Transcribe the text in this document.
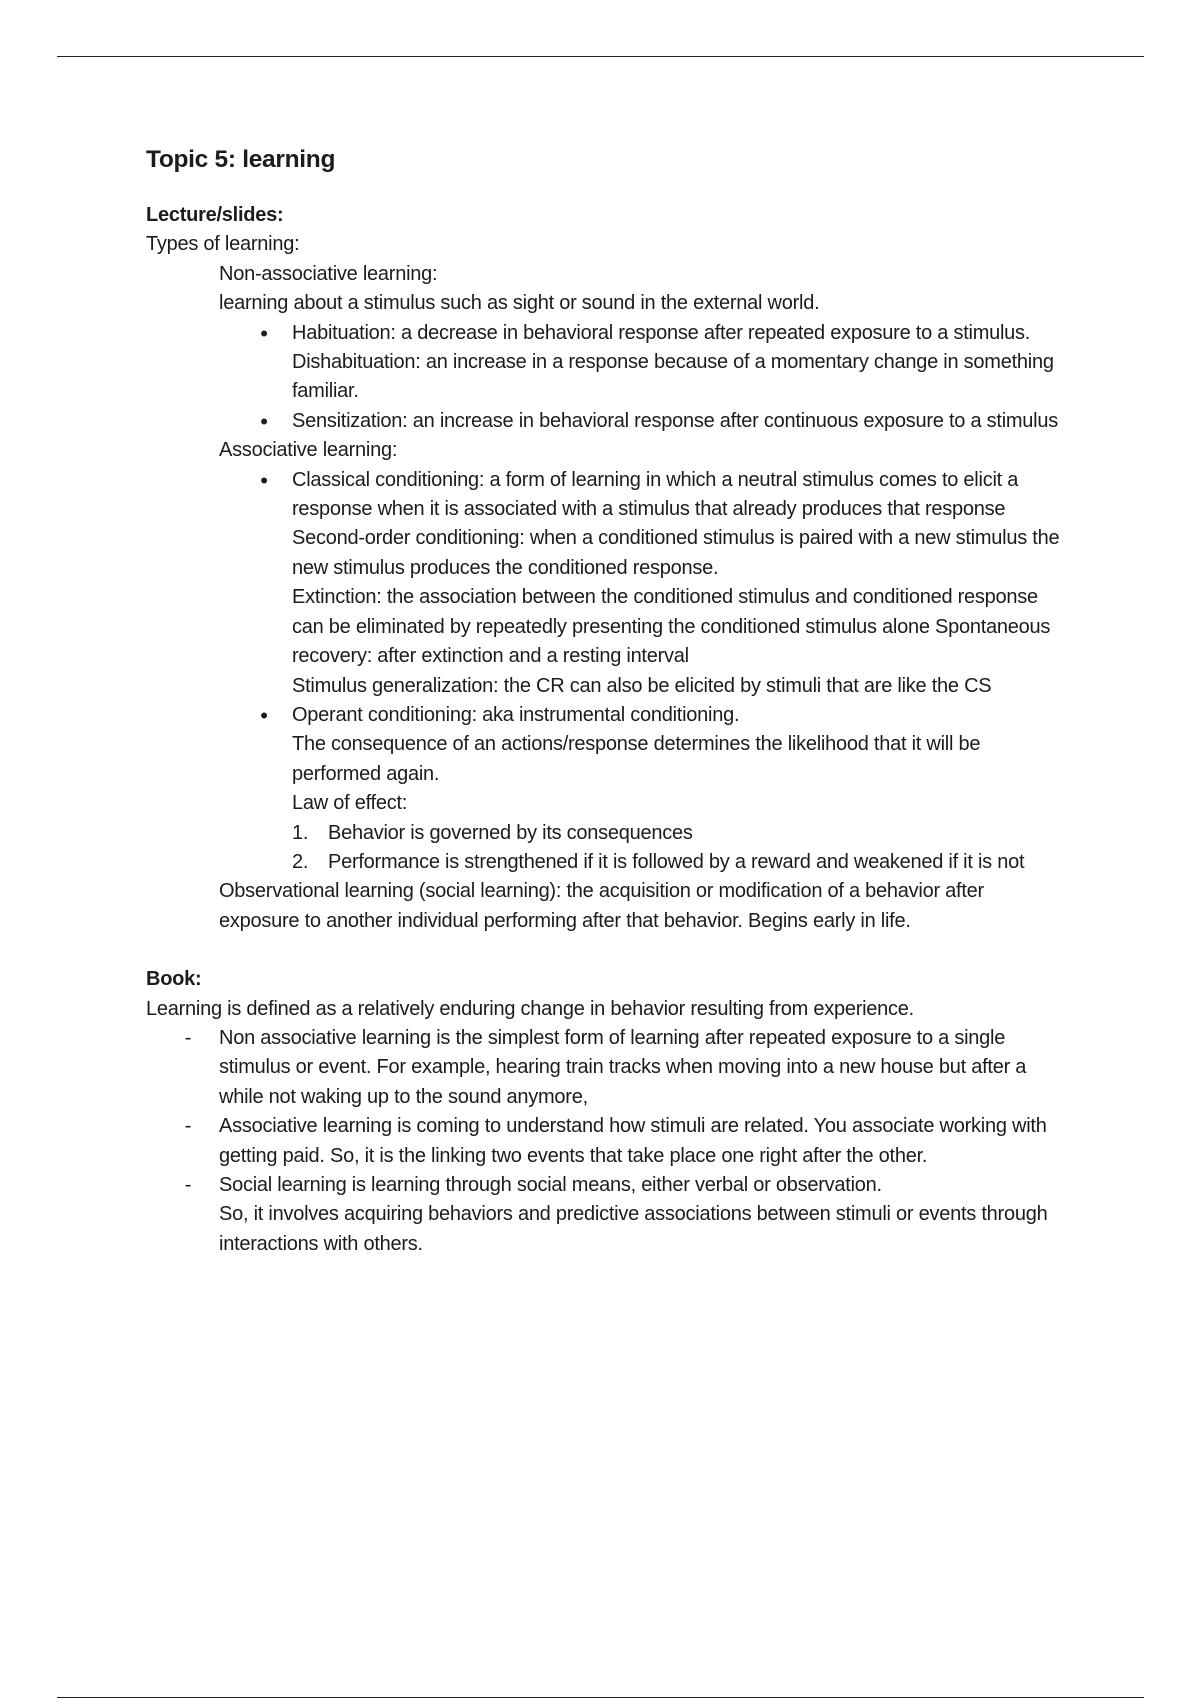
Topic 5: learning

Lecture/slides:

Types of learning:

Non-associative learning:

learning about a stimulus such as sight or sound in the external world.

•	Habituation: a decrease in behavioral response after repeated exposure to a stimulus.
Dishabituation: an increase in a response because of a momentary change in something familiar.
•	Sensitization: an increase in behavioral response after continuous exposure to a stimulus

Associative learning:

•	Classical conditioning: a form of learning in which a neutral stimulus comes to elicit a response when it is associated with a stimulus that already produces that response
Second-order conditioning: when a conditioned stimulus is paired with a new stimulus the new stimulus produces the conditioned response.
Extinction: the association between the conditioned stimulus and conditioned response can be eliminated by repeatedly presenting the conditioned stimulus alone Spontaneous recovery: after extinction and a resting interval
Stimulus generalization: the CR can also be elicited by stimuli that are like the CS
•	Operant conditioning: aka instrumental conditioning.
The consequence of an actions/response determines the likelihood that it will be performed again.
Law of effect:
1. Behavior is governed by its consequences
2. Performance is strengthened if it is followed by a reward and weakened if it is not

Observational learning (social learning): the acquisition or modification of a behavior after exposure to another individual performing after that behavior. Begins early in life.

Book:

Learning is defined as a relatively enduring change in behavior resulting from experience.

- Non associative learning is the simplest form of learning after repeated exposure to a single stimulus or event. For example, hearing train tracks when moving into a new house but after a while not waking up to the sound anymore,
- Associative learning is coming to understand how stimuli are related. You associate working with getting paid. So, it is the linking two events that take place one right after the other.
- Social learning is learning through social means, either verbal or observation.
So, it involves acquiring behaviors and predictive associations between stimuli or events through interactions with others.
